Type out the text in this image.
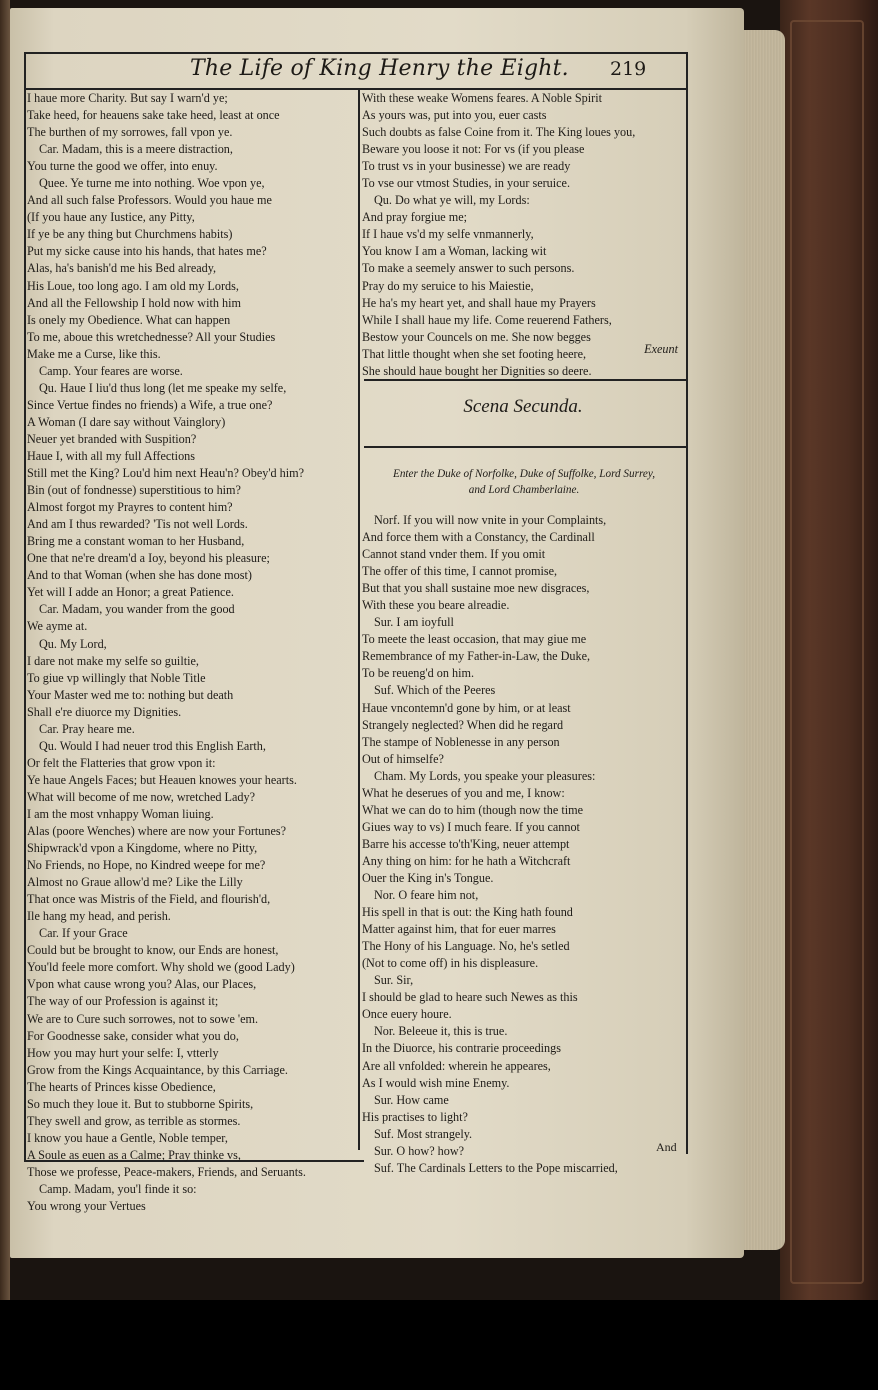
The Life of King Henry the Eight. 219
I haue more Charity. But say I warn'd ye;
Take heed, for heauens sake take heed, least at once
The burthen of my sorrowes, fall vpon ye.
Car. Madam, this is a meere distraction,
You turne the good we offer, into enuy.
Quee. Ye turne me into nothing. Woe vpon ye,
And all such false Professors. Would you haue me
(If you haue any Iustice, any Pitty,
If ye be any thing but Churchmens habits)
Put my sicke cause into his hands, that hates me?
Alas, ha's banish'd me his Bed already,
His Loue, too long ago. I am old my Lords,
And all the Fellowship I hold now with him
Is onely my Obedience. What can happen
To me, aboue this wretchednesse? All your Studies
Make me a Curse, like this.
Camp. Your feares are worse.
Qu. Haue I liu'd thus long (let me speake my selfe,
Since Vertue findes no friends) a Wife, a true one?
A Woman (I dare say without Vainglory)
Neuer yet branded with Suspition?
Haue I, with all my full Affections
Still met the King? Lou'd him next Heau'n? Obey'd him?
Bin (out of fondnesse) superstitious to him?
Almost forgot my Prayres to content him?
And am I thus rewarded? 'Tis not well Lords.
Bring me a constant woman to her Husband,
One that ne're dream'd a Ioy, beyond his pleasure;
And to that Woman (when she has done most)
Yet will I adde an Honor; a great Patience.
Car. Madam, you wander from the good
We ayme at.
Qu. My Lord,
I dare not make my selfe so guiltie,
To giue vp willingly that Noble Title
Your Master wed me to: nothing but death
Shall e're diuorce my Dignities.
Car. Pray heare me.
Qu. Would I had neuer trod this English Earth,
Or felt the Flatteries that grow vpon it:
Ye haue Angels Faces; but Heauen knowes your hearts.
What will become of me now, wretched Lady?
I am the most vnhappy Woman liuing.
Alas (poore Wenches) where are now your Fortunes?
Shipwrack'd vpon a Kingdome, where no Pitty,
No Friends, no Hope, no Kindred weepe for me?
Almost no Graue allow'd me? Like the Lilly
That once was Mistris of the Field, and flourish'd,
Ile hang my head, and perish.
Car. If your Grace
Could but be brought to know, our Ends are honest,
You'ld feele more comfort. Why shold we (good Lady)
Vpon what cause wrong you? Alas, our Places,
The way of our Profession is against it;
We are to Cure such sorrowes, not to sowe 'em.
For Goodnesse sake, consider what you do,
How you may hurt your selfe: I, vtterly
Grow from the Kings Acquaintance, by this Carriage.
The hearts of Princes kisse Obedience,
So much they loue it. But to stubborne Spirits,
They swell and grow, as terrible as stormes.
I know you haue a Gentle, Noble temper,
A Soule as euen as a Calme; Pray thinke vs,
Those we professe, Peace-makers, Friends, and Seruants.
Camp. Madam, you'l finde it so:
You wrong your Vertues
With these weake Womens feares. A Noble Spirit
As yours was, put into you, euer casts
Such doubts as false Coine from it. The King loues you,
Beware you loose it not: For vs (if you please
To trust vs in your businesse) we are ready
To vse our vtmost Studies, in your seruice.
Qu. Do what ye will, my Lords:
And pray forgiue me;
If I haue vs'd my selfe vnmannerly,
You know I am a Woman, lacking wit
To make a seemely answer to such persons.
Pray do my seruice to his Maiestie,
He ha's my heart yet, and shall haue my Prayers
While I shall haue my life. Come reuerend Fathers,
Bestow your Councels on me. She now begges
That little thought when she set footing heere,
She should haue bought her Dignities so deere.
Exeunt
Scena Secunda.
Enter the Duke of Norfolke, Duke of Suffolke, Lord Surrey,
and Lord Chamberlaine.
Norf. If you will now vnite in your Complaints,
And force them with a Constancy, the Cardinall
Cannot stand vnder them. If you omit
The offer of this time, I cannot promise,
But that you shall sustaine moe new disgraces,
With these you beare alreadie.
Sur. I am ioyfull
To meete the least occasion, that may giue me
Remembrance of my Father-in-Law, the Duke,
To be reueng'd on him.
Suf. Which of the Peeres
Haue vncontemn'd gone by him, or at least
Strangely neglected? When did he regard
The stampe of Noblenesse in any person
Out of himselfe?
Cham. My Lords, you speake your pleasures:
What he deserues of you and me, I know:
What we can do to him (though now the time
Giues way to vs) I much feare. If you cannot
Barre his accesse to'th'King, neuer attempt
Any thing on him: for he hath a Witchcraft
Ouer the King in's Tongue.
Nor. O feare him not,
His spell in that is out: the King hath found
Matter against him, that for euer marres
The Hony of his Language. No, he's setled
(Not to come off) in his displeasure.
Sur. Sir,
I should be glad to heare such Newes as this
Once euery houre.
Nor. Beleeue it, this is true.
In the Diuorce, his contrarie proceedings
Are all vnfolded: wherein he appeares,
As I would wish mine Enemy.
Sur. How came
His practises to light?
Suf. Most strangely.
Sur. O how? how?
Suf. The Cardinals Letters to the Pope miscarried,
And
